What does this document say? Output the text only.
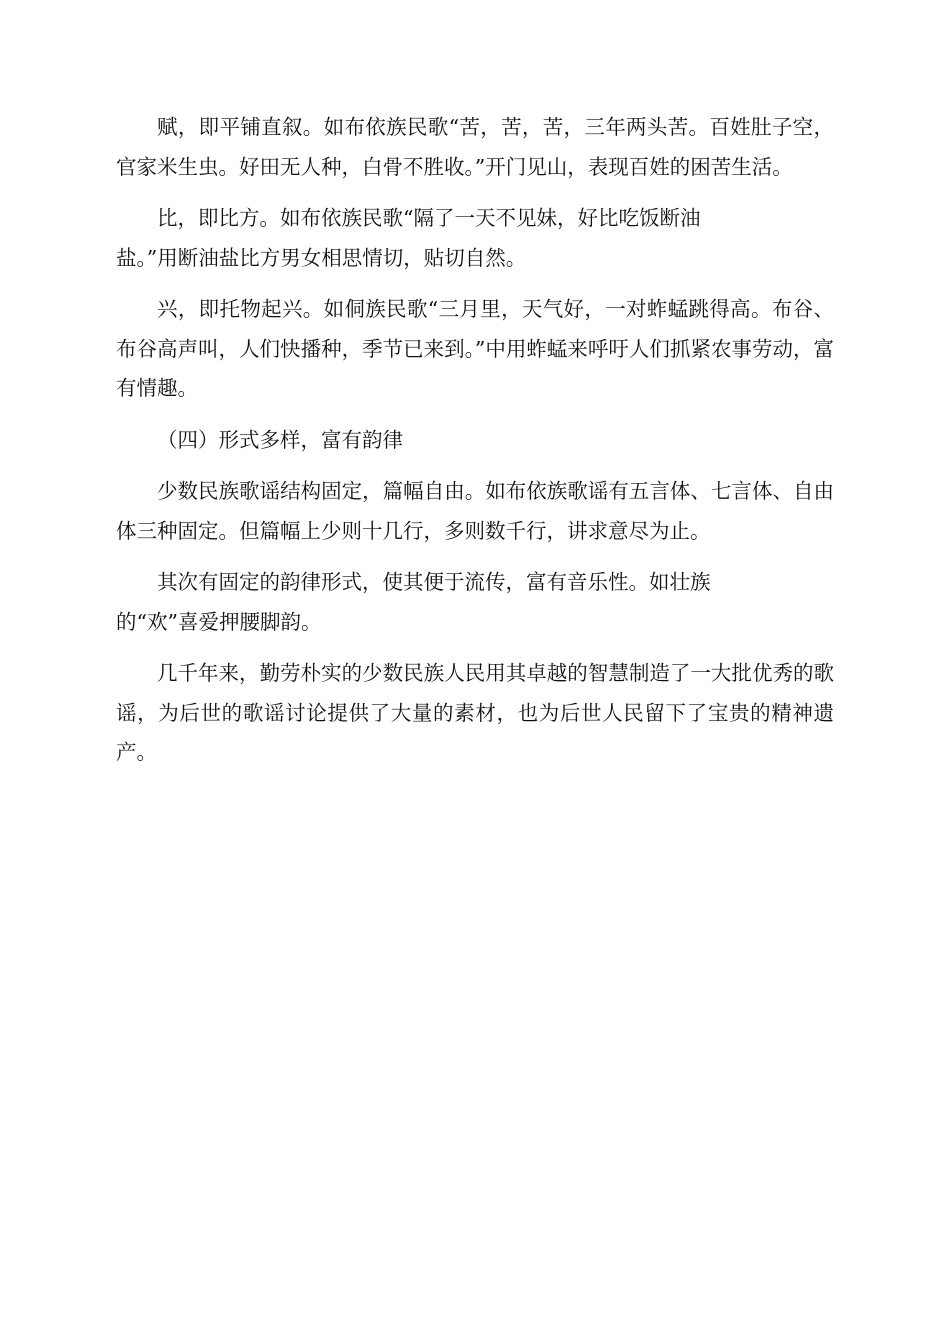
赋，即平铺直叙。如布依族民歌“苦，苦，苦，三年两头苦。百姓肚子空，官家米生虫。好田无人种，白骨不胜收。”开门见山，表现百姓的困苦生活。

比，即比方。如布依族民歌“隔了一天不见妹，好比吃饭断油
盐。”用断油盐比方男女相思情切，贴切自然。

兴，即托物起兴。如侗族民歌“三月里，天气好，一对蚱蜢跳得高。布谷、布谷高声叫，人们快播种，季节已来到。”中用蚱蜢来呼吁人们抓紧农事劳动，富有情趣。

（四）形式多样，富有韵律

少数民族歌谣结构固定，篇幅自由。如布依族歌谣有五言体、七言体、自由体三种固定。但篇幅上少则十几行，多则数千行，讲求意尽为止。

其次有固定的韵律形式，使其便于流传，富有音乐性。如壮族
的“欢”喜爱押腰脚韵。

几千年来，勤劳朴实的少数民族人民用其卓越的智慧制造了一大批优秀的歌谣，为后世的歌谣讨论提供了大量的素材，也为后世人民留下了宝贵的精神遗产。
